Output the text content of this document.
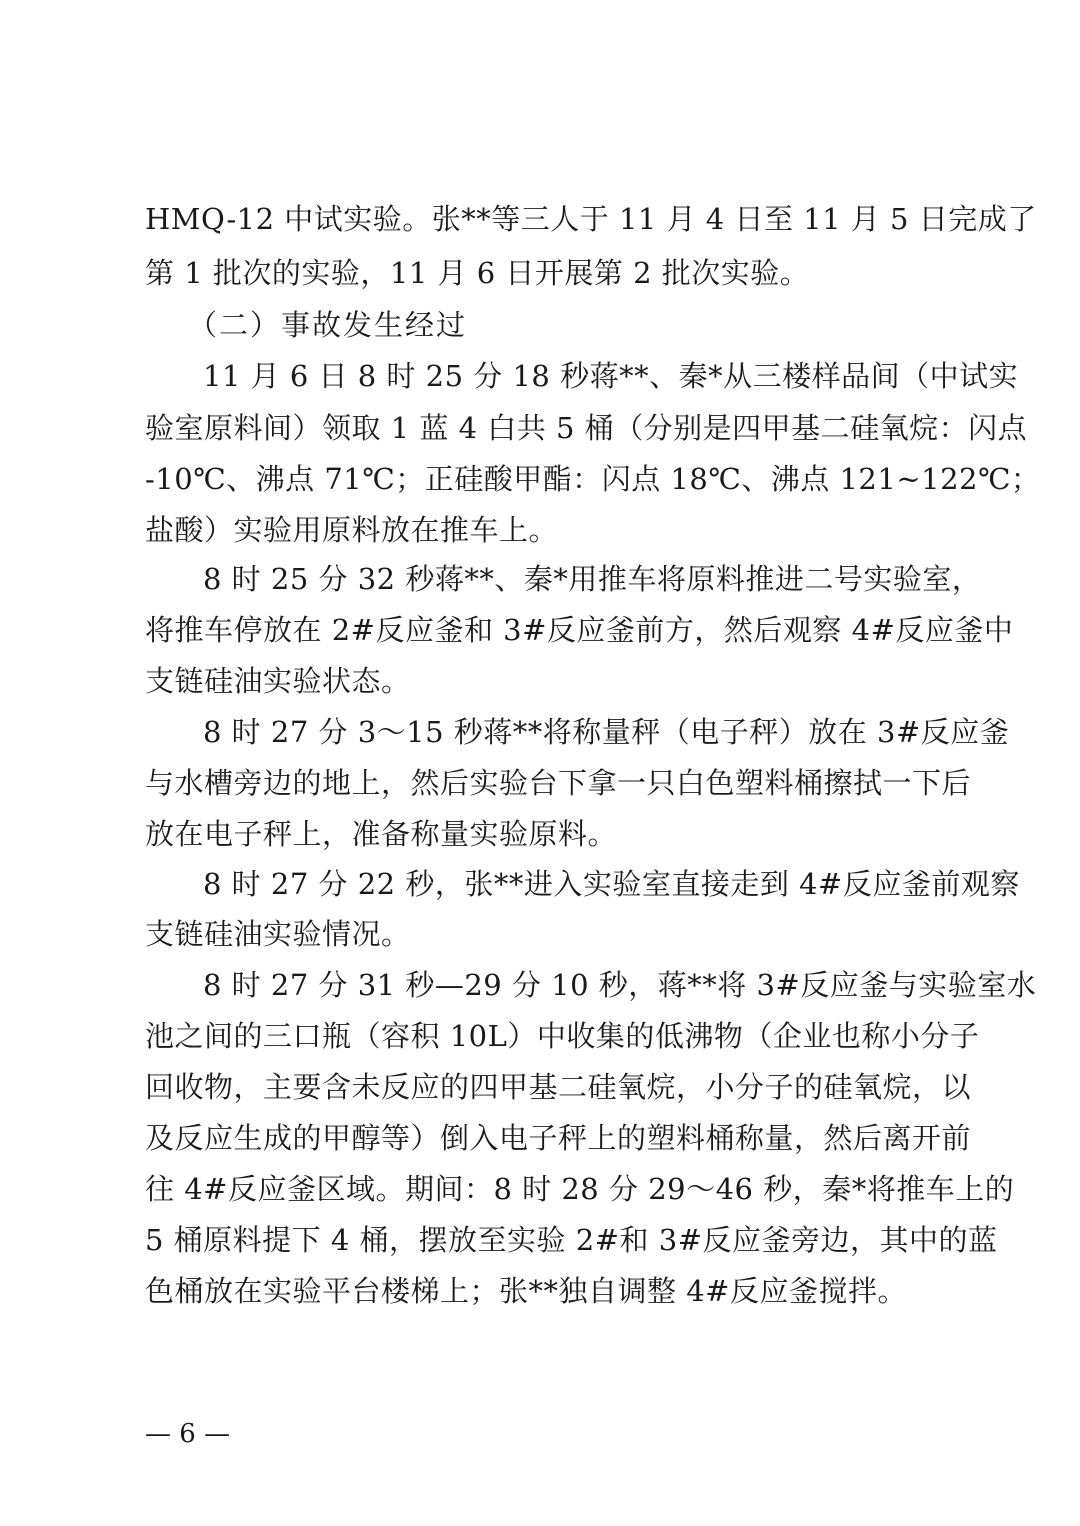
HMQ-12 中试实验。张**等三人于 11 月 4 日至 11 月 5 日完成了
第 1 批次的实验，11 月 6 日开展第 2 批次实验。
（二）事故发生经过
11 月 6 日 8 时 25 分 18 秒蒋**、秦*从三楼样品间（中试实
验室原料间）领取 1 蓝 4 白共 5 桶（分别是四甲基二硅氧烷：闪点
-10℃、沸点 71℃；正硅酸甲酯：闪点 18℃、沸点 121~122℃；
盐酸）实验用原料放在推车上。
8 时 25 分 32 秒蒋**、秦*用推车将原料推进二号实验室，
将推车停放在 2#反应釜和 3#反应釜前方，然后观察 4#反应釜中
支链硅油实验状态。
8 时 27 分 3～15 秒蒋**将称量秤（电子秤）放在 3#反应釜
与水槽旁边的地上，然后实验台下拿一只白色塑料桶擦拭一下后
放在电子秤上，准备称量实验原料。
8 时 27 分 22 秒，张**进入实验室直接走到 4#反应釜前观察
支链硅油实验情况。
8 时 27 分 31 秒—29 分 10 秒，蒋**将 3#反应釜与实验室水
池之间的三口瓶（容积 10L）中收集的低沸物（企业也称小分子
回收物，主要含未反应的四甲基二硅氧烷，小分子的硅氧烷，以
及反应生成的甲醇等）倒入电子秤上的塑料桶称量，然后离开前
往 4#反应釜区域。期间：8 时 28 分 29～46 秒，秦*将推车上的
5 桶原料提下 4 桶，摆放至实验 2#和 3#反应釜旁边，其中的蓝
色桶放在实验平台楼梯上；张**独自调整 4#反应釜搅拌。
— 6 —
